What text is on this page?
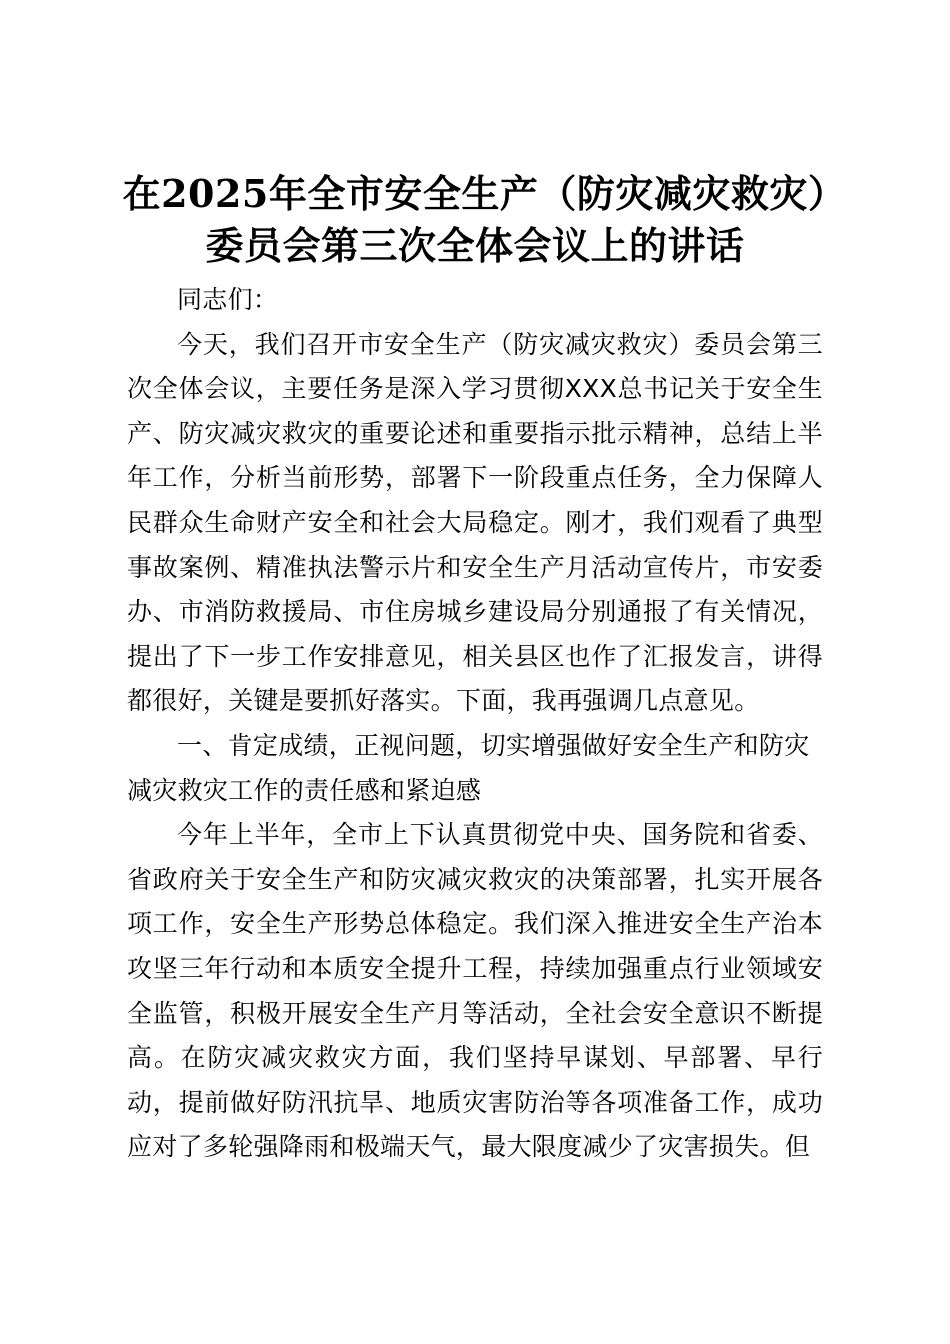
在2025年全市安全生产（防灾减灾救灾）委员会第三次全体会议上的讲话

同志们：

今天，我们召开市安全生产（防灾减灾救灾）委员会第三次全体会议，主要任务是深入学习贯彻XXX总书记关于安全生产、防灾减灾救灾的重要论述和重要指示批示精神，总结上半年工作，分析当前形势，部署下一阶段重点任务，全力保障人民群众生命财产安全和社会大局稳定。刚才，我们观看了典型事故案例、精准执法警示片和安全生产月活动宣传片，市安委办、市消防救援局、市住房城乡建设局分别通报了有关情况，提出了下一步工作安排意见，相关县区也作了汇报发言，讲得都很好，关键是要抓好落实。下面，我再强调几点意见。

一、肯定成绩，正视问题，切实增强做好安全生产和防灾减灾救灾工作的责任感和紧迫感

今年上半年，全市上下认真贯彻党中央、国务院和省委、省政府关于安全生产和防灾减灾救灾的决策部署，扎实开展各项工作，安全生产形势总体稳定。我们深入推进安全生产治本攻坚三年行动和本质安全提升工程，持续加强重点行业领域安全监管，积极开展安全生产月等活动，全社会安全意识不断提高。在防灾减灾救灾方面，我们坚持早谋划、早部署、早行动，提前做好防汛抗旱、地质灾害防治等各项准备工作，成功应对了多轮强降雨和极端天气，最大限度减少了灾害损失。但
